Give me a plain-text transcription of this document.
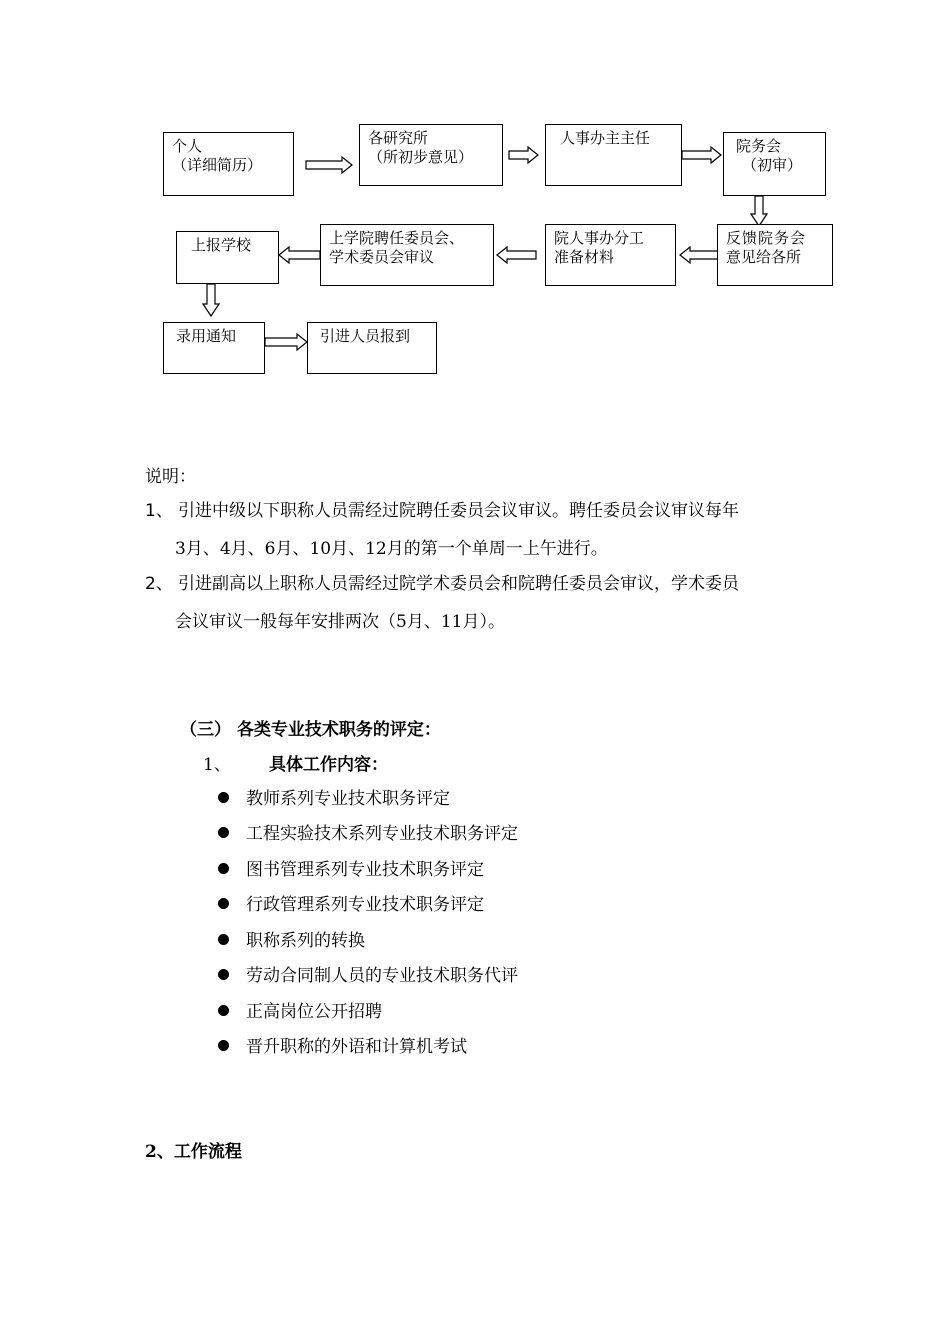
个人
（详细简历）
各研究所
（所初步意见）
人事办主主任	院务会
（初审）
反馈院务会
意见给各所
院人事办分工
准备材料
上学院聘任委员会、
学术委员会审议
上报学校
录用通知	引进人员报到
说明：
1、 引进中级以下职称人员需经过院聘任委员会议审议。聘任委员会议审议每年
3月、4月、6月、10月、12月的第一个单周一上午进行。
2、 引进副高以上职称人员需经过院学术委员会和院聘任委员会审议，学术委员
会议审议一般每年安排两次（5月、11月）。
（三） 各类专业技术职务的评定：
1、 具体工作内容：
教师系列专业技术职务评定
工程实验技术系列专业技术职务评定
图书管理系列专业技术职务评定
行政管理系列专业技术职务评定
职称系列的转换
劳动合同制人员的专业技术职务代评
正高岗位公开招聘
晋升职称的外语和计算机考试
2、工作流程
